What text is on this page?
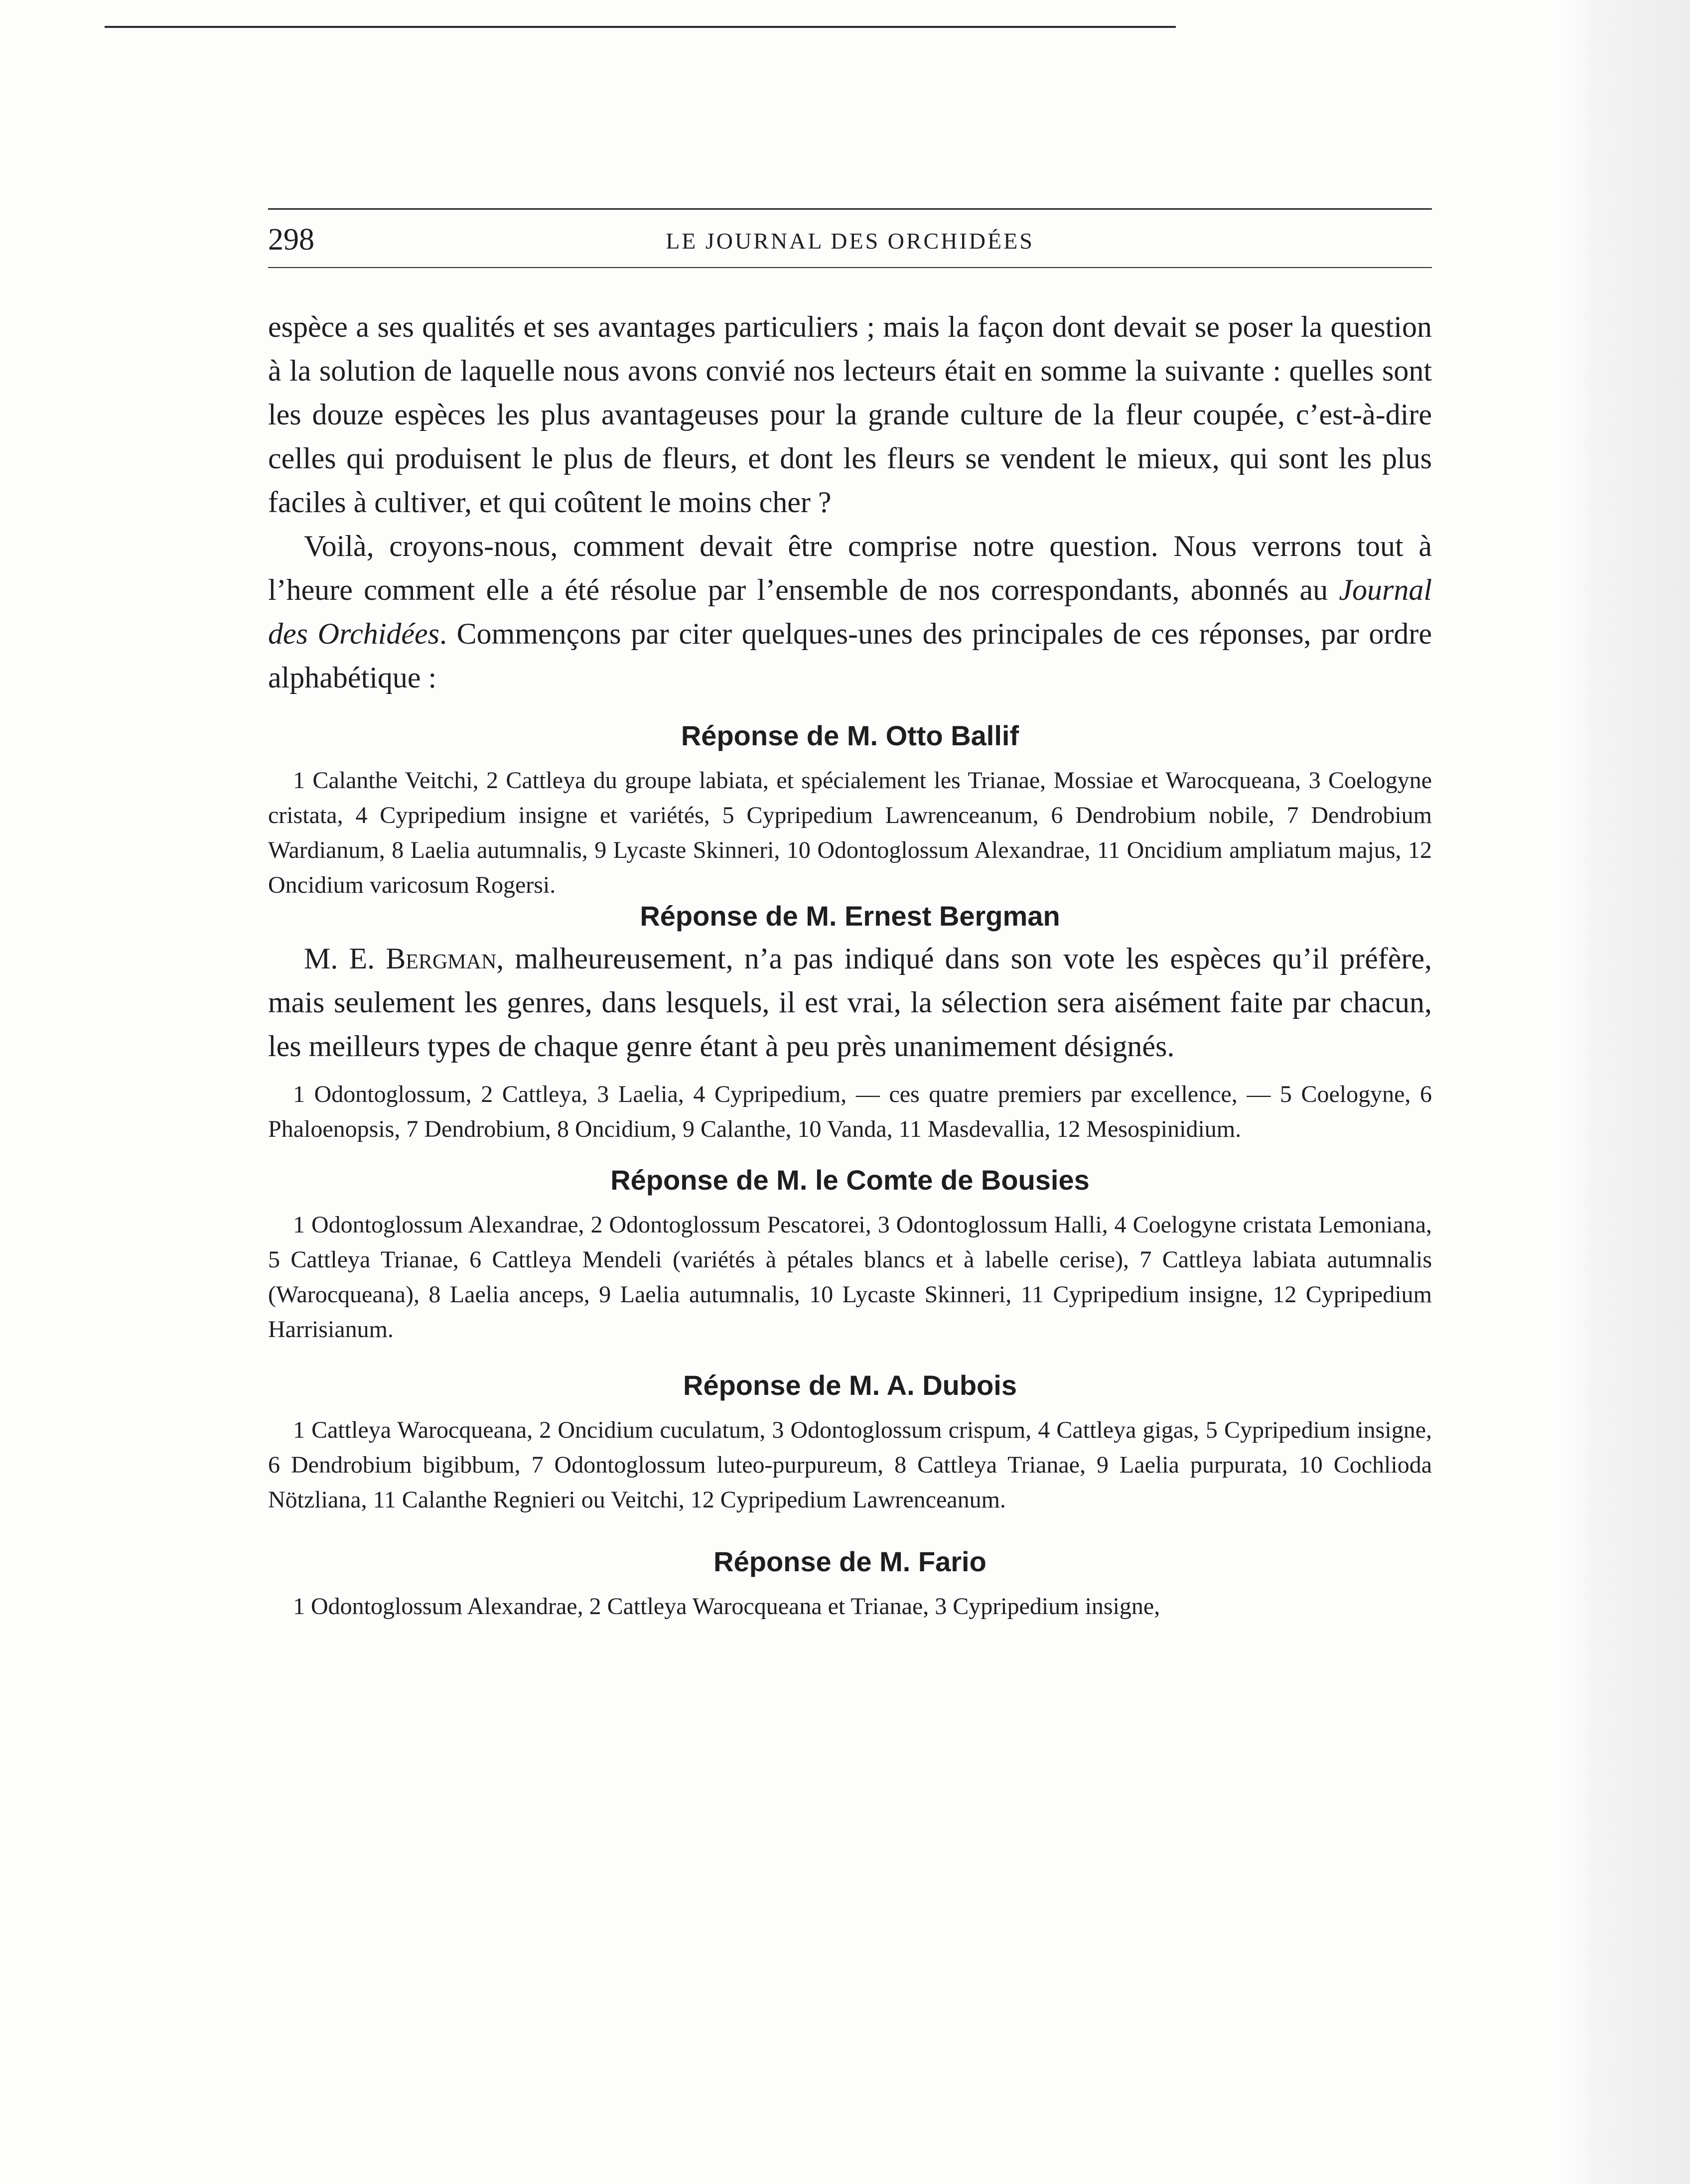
298	LE JOURNAL DES ORCHIDÉES

espèce a ses qualités et ses avantages particuliers ; mais la façon dont devait se poser la question à la solution de laquelle nous avons convié nos lecteurs était en somme la suivante : quelles sont les douze espèces les plus avantageuses pour la grande culture de la fleur coupée, c’est-à-dire celles qui produisent le plus de fleurs, et dont les fleurs se vendent le mieux, qui sont les plus faciles à cultiver, et qui coûtent le moins cher ?

Voilà, croyons-nous, comment devait être comprise notre question. Nous verrons tout à l’heure comment elle a été résolue par l’ensemble de nos correspondants, abonnés au Journal des Orchidées. Commençons par citer quelques-unes des principales de ces réponses, par ordre alphabétique :

Réponse de M. Otto Ballif

1 Calanthe Veitchi, 2 Cattleya du groupe labiata, et spécialement les Trianae, Mossiae et Warocqueana, 3 Coelogyne cristata, 4 Cypripedium insigne et variétés, 5 Cypripedium Lawrenceanum, 6 Dendrobium nobile, 7 Dendrobium Wardianum, 8 Laelia autumnalis, 9 Lycaste Skinneri, 10 Odontoglossum Alexandrae, 11 Oncidium ampliatum majus, 12 Oncidium varicosum Rogersi.

Réponse de M. Ernest Bergman

M. E. Bergman, malheureusement, n’a pas indiqué dans son vote les espèces qu’il préfère, mais seulement les genres, dans lesquels, il est vrai, la sélection sera aisément faite par chacun, les meilleurs types de chaque genre étant à peu près unanimement désignés.

1 Odontoglossum, 2 Cattleya, 3 Laelia, 4 Cypripedium, — ces quatre premiers par excellence, — 5 Coelogyne, 6 Phaloenopsis, 7 Dendrobium, 8 Oncidium, 9 Calanthe, 10 Vanda, 11 Masdevallia, 12 Mesospinidium.

Réponse de M. le Comte de Bousies

1 Odontoglossum Alexandrae, 2 Odontoglossum Pescatorei, 3 Odontoglossum Halli, 4 Coelogyne cristata Lemoniana, 5 Cattleya Trianae, 6 Cattleya Mendeli (variétés à pétales blancs et à labelle cerise), 7 Cattleya labiata autumnalis (Warocqueana), 8 Laelia anceps, 9 Laelia autumnalis, 10 Lycaste Skinneri, 11 Cypripedium insigne, 12 Cypripedium Harrisianum.

Réponse de M. A. Dubois

1 Cattleya Warocqueana, 2 Oncidium cuculatum, 3 Odontoglossum crispum, 4 Cattleya gigas, 5 Cypripedium insigne, 6 Dendrobium bigibbum, 7 Odontoglossum luteo-purpureum, 8 Cattleya Trianae, 9 Laelia purpurata, 10 Cochlioda Nötzliana, 11 Calanthe Regnieri ou Veitchi, 12 Cypripedium Lawrenceanum.

Réponse de M. Fario

1 Odontoglossum Alexandrae, 2 Cattleya Warocqueana et Trianae, 3 Cypripedium insigne,
